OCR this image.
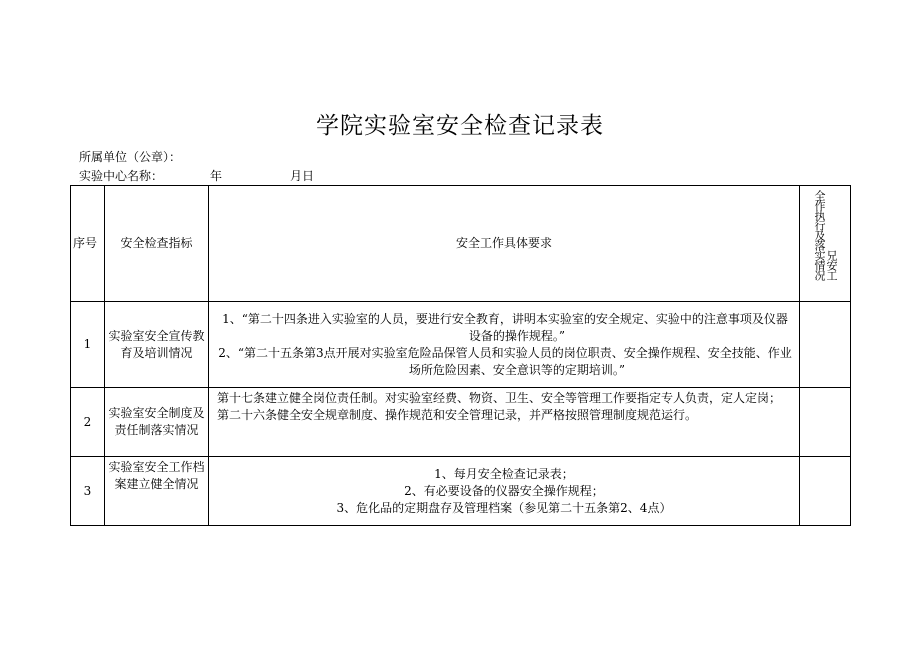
学院实验室安全检查记录表
所属单位（公章）：
实验中心名称：	年	月日
序号	安全检查指标	安全工作具体要求	全作执行及落实情况 兄安工

1	实验室安全宣传教育及培训情况	1、“第二十四条进入实验室的人员，要进行安全教育，讲明本实验室的安全规定、实验中的注意事项及仪器设备的操作规程。”
2、“第二十五条第3点开展对实验室危险品保管人员和实验人员的岗位职责、安全操作规程、安全技能、作业场所危险因素、安全意识等的定期培训。”	

2	实验室安全制度及责任制落实情况	第十七条建立健全岗位责任制。对实验室经费、物资、卫生、安全等管理工作要指定专人负责，定人定岗；第二十六条健全安全规章制度、操作规范和安全管理记录，并严格按照管理制度规范运行。	

3	实验室安全工作档案建立健全情况	1、每月安全检查记录表；
2、有必要设备的仪器安全操作规程；
3、危化品的定期盘存及管理档案（参见第二十五条第2、4点）	
